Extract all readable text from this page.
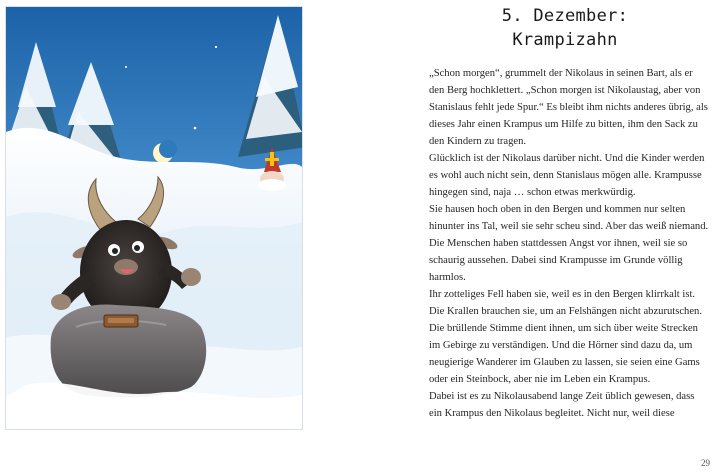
5. Dezember:

Krampizahn

„Schon morgen“, grummelt der Nikolaus in seinen Bart, als er
den Berg hochklettert. „Schon morgen ist Nikolaustag, aber von
Stanislaus fehlt jede Spur.“ Es bleibt ihm nichts anderes übrig, als
dieses Jahr einen Krampus um Hilfe zu bitten, ihm den Sack zu
den Kindern zu tragen.
Glücklich ist der Nikolaus darüber nicht. Und die Kinder werden
es wohl auch nicht sein, denn Stanislaus mögen alle. Krampusse
hingegen sind, naja … schon etwas merkwürdig.
Sie hausen hoch oben in den Bergen und kommen nur selten
hinunter ins Tal, weil sie sehr scheu sind. Aber das weiß niemand.
Die Menschen haben stattdessen Angst vor ihnen, weil sie so
schaurig aussehen. Dabei sind Krampusse im Grunde völlig
harmlos.
Ihr zotteliges Fell haben sie, weil es in den Bergen klirrkalt ist.
Die Krallen brauchen sie, um an Felshängen nicht abzurutschen.
Die brüllende Stimme dient ihnen, um sich über weite Strecken
im Gebirge zu verständigen. Und die Hörner sind dazu da, um
neugierige Wanderer im Glauben zu lassen, sie seien eine Gams
oder ein Steinbock, aber nie im Leben ein Krampus.
Dabei ist es zu Nikolausabend lange Zeit üblich gewesen, dass
ein Krampus den Nikolaus begleitet. Nicht nur, weil diese
29
